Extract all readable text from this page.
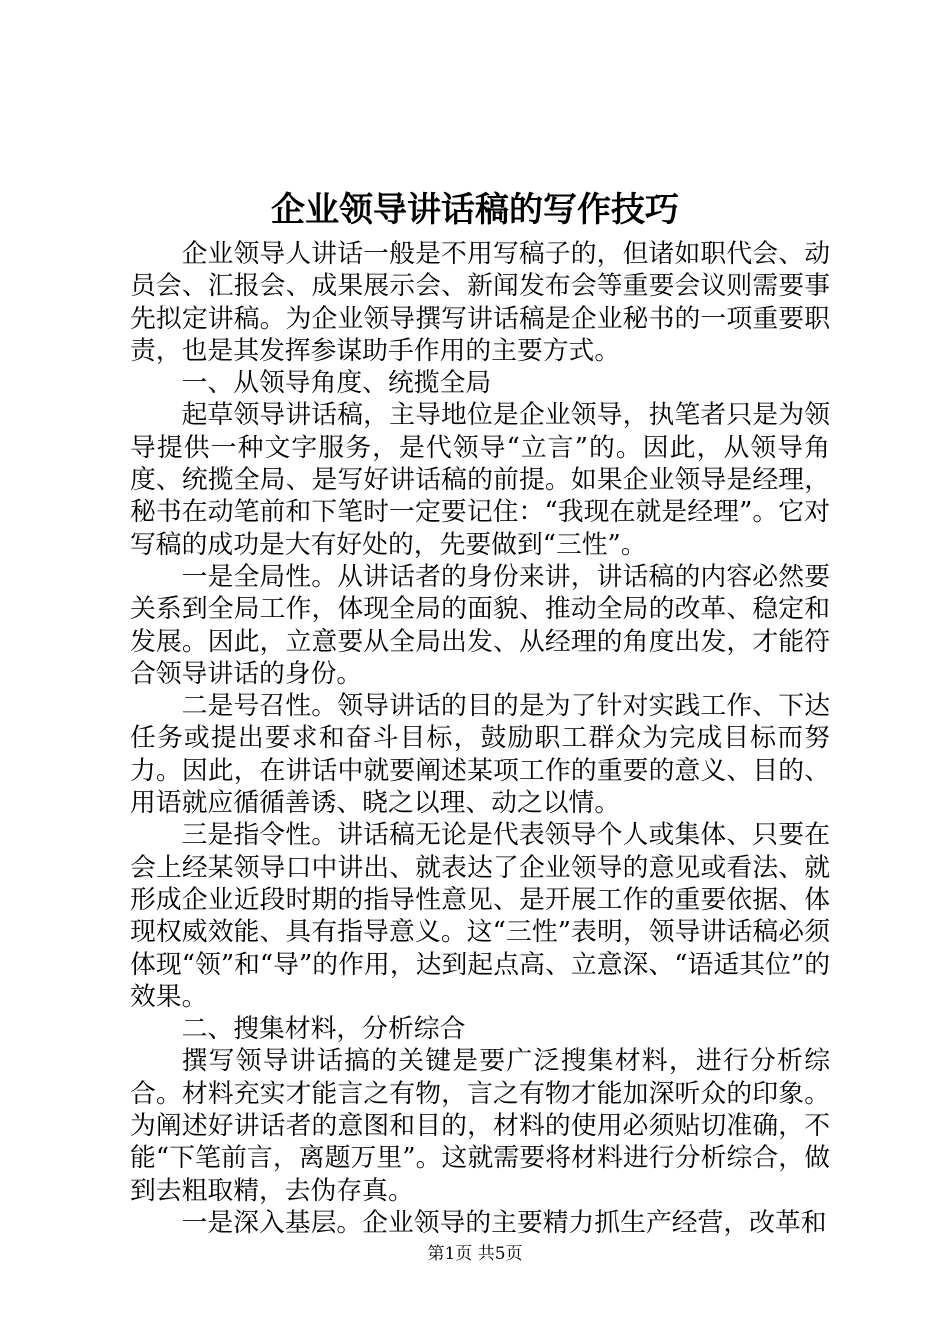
企业领导讲话稿的写作技巧

企业领导人讲话一般是不用写稿子的，但诸如职代会、动员会、汇报会、成果展示会、新闻发布会等重要会议则需要事先拟定讲稿。为企业领导撰写讲话稿是企业秘书的一项重要职责，也是其发挥参谋助手作用的主要方式。

一、从领导角度、统揽全局

起草领导讲话稿，主导地位是企业领导，执笔者只是为领导提供一种文字服务，是代领导“立言”的。因此，从领导角度、统揽全局、是写好讲话稿的前提。如果企业领导是经理，秘书在动笔前和下笔时一定要记住：“我现在就是经理”。它对写稿的成功是大有好处的，先要做到“三性”。

一是全局性。从讲话者的身份来讲，讲话稿的内容必然要关系到全局工作，体现全局的面貌、推动全局的改革、稳定和发展。因此，立意要从全局出发、从经理的角度出发，才能符合领导讲话的身份。

二是号召性。领导讲话的目的是为了针对实践工作、下达任务或提出要求和奋斗目标，鼓励职工群众为完成目标而努力。因此，在讲话中就要阐述某项工作的重要的意义、目的、用语就应循循善诱、晓之以理、动之以情。

三是指令性。讲话稿无论是代表领导个人或集体、只要在会上经某领导口中讲出、就表达了企业领导的意见或看法、就形成企业近段时期的指导性意见、是开展工作的重要依据、体现权威效能、具有指导意义。这“三性”表明，领导讲话稿必须体现“领”和“导”的作用，达到起点高、立意深、“语适其位”的效果。

二、搜集材料，分析综合

撰写领导讲话搞的关键是要广泛搜集材料，进行分析综合。材料充实才能言之有物，言之有物才能加深听众的印象。为阐述好讲话者的意图和目的，材料的使用必须贴切准确，不能“下笔前言，离题万里”。这就需要将材料进行分析综合，做到去粗取精，去伪存真。

一是深入基层。企业领导的主要精力抓生产经营，改革和

第1页 共5页
